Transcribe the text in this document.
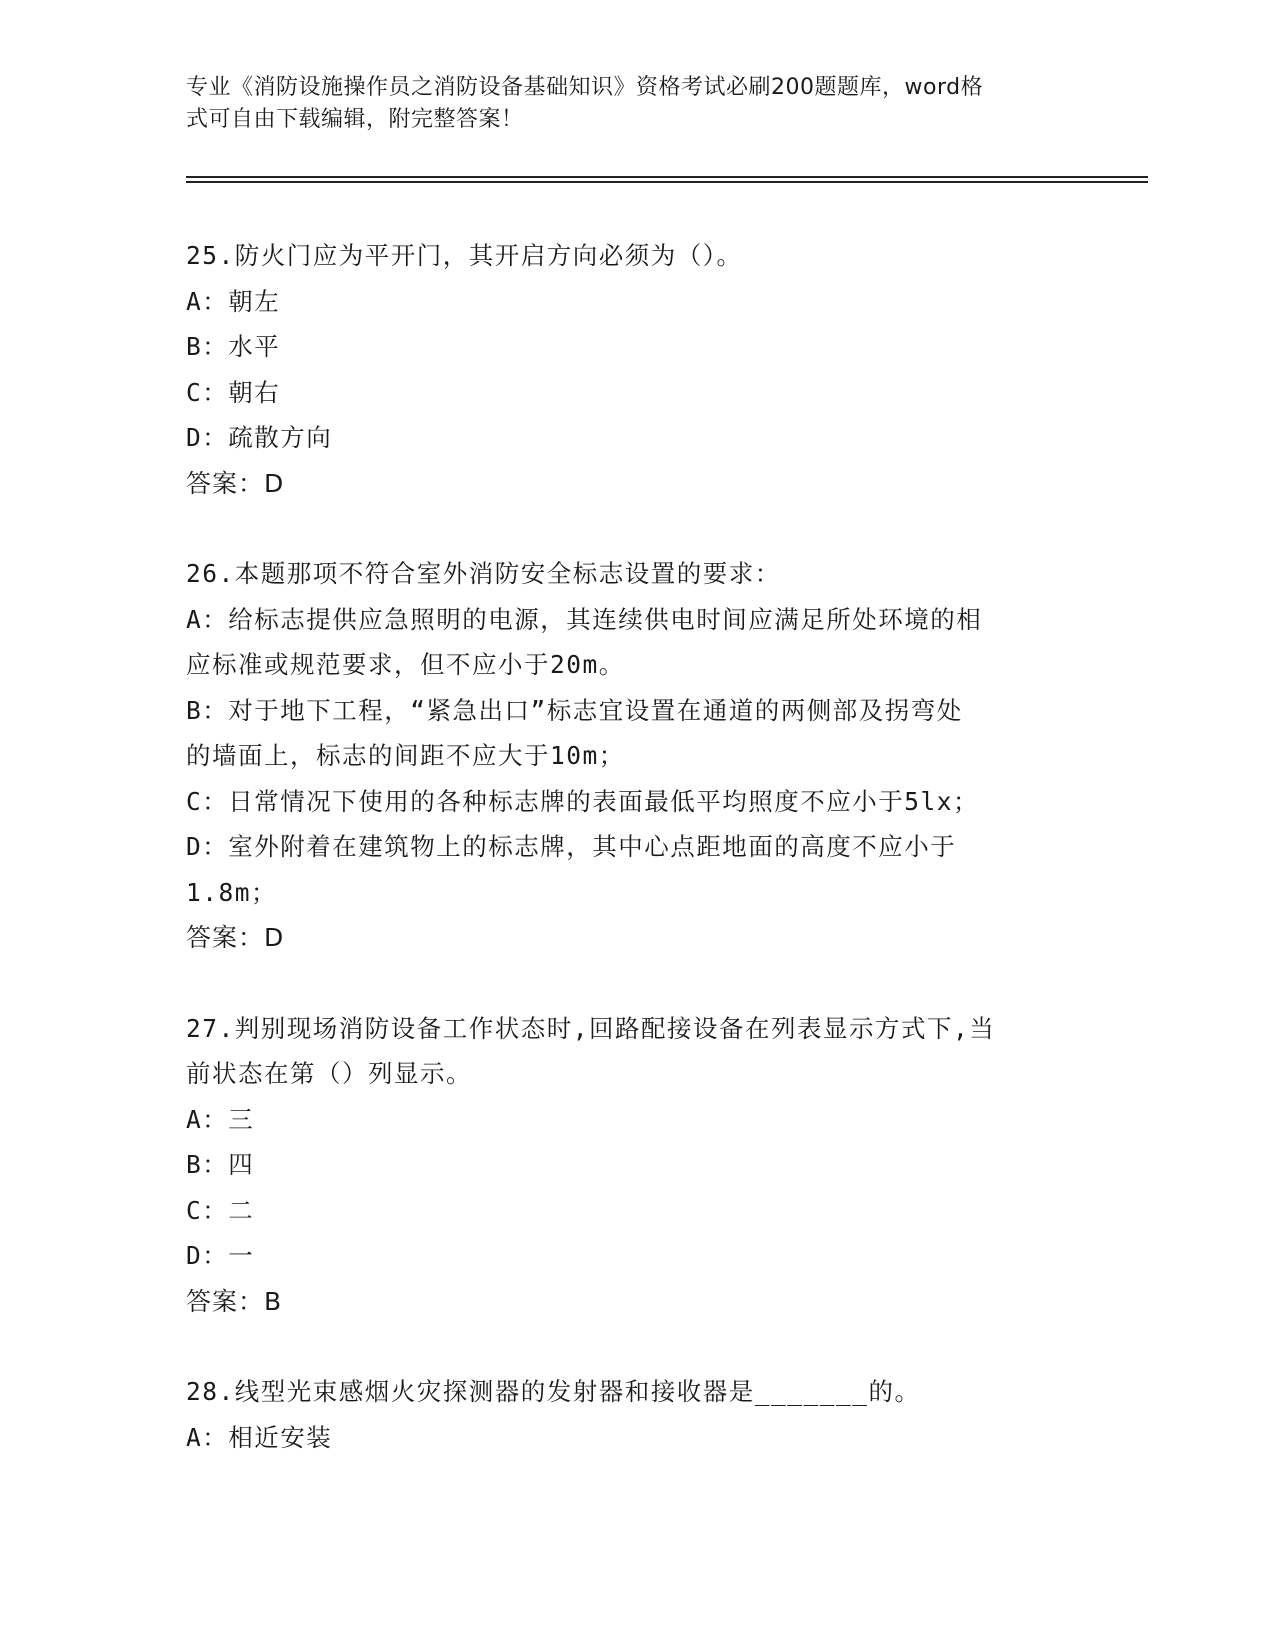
专业《消防设施操作员之消防设备基础知识》资格考试必刷200题题库，word格
式可自由下载编辑，附完整答案！
25.防火门应为平开门，其开启方向必须为（）。
A：朝左
B：水平
C：朝右
D：疏散方向
答案：D
26.本题那项不符合室外消防安全标志设置的要求：
A：给标志提供应急照明的电源，其连续供电时间应满足所处环境的相
应标准或规范要求，但不应小于20m。
B：对于地下工程，“紧急出口”标志宜设置在通道的两侧部及拐弯处
的墙面上，标志的间距不应大于10m；
C：日常情况下使用的各种标志牌的表面最低平均照度不应小于5lx；
D：室外附着在建筑物上的标志牌，其中心点距地面的高度不应小于
1.8m；
答案：D
27.判别现场消防设备工作状态时,回路配接设备在列表显示方式下,当
前状态在第（）列显示。
A：三
B：四
C：二
D：一
答案：B
28.线型光束感烟火灾探测器的发射器和接收器是_______的。
A：相近安装
